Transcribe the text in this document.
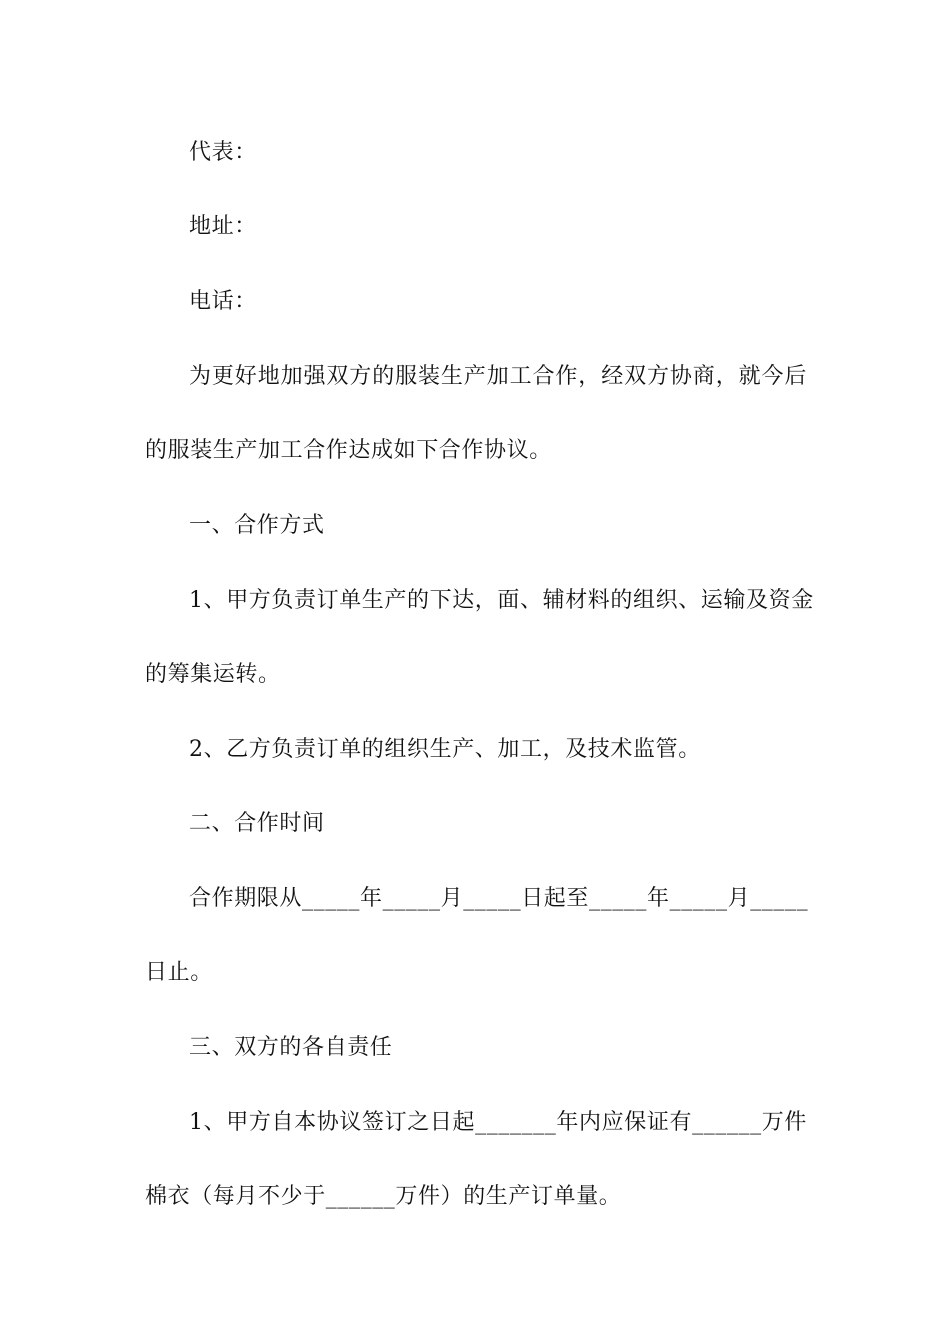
代表：
地址：
电话：
为更好地加强双方的服装生产加工合作，经双方协商，就今后
的服装生产加工合作达成如下合作协议。
一、合作方式
1、甲方负责订单生产的下达，面、辅材料的组织、运输及资金
的筹集运转。
2、乙方负责订单的组织生产、加工，及技术监管。
二、合作时间
合作期限从_____年_____月_____日起至_____年_____月_____
日止。
三、双方的各自责任
1、甲方自本协议签订之日起_______年内应保证有______万件
棉衣（每月不少于______万件）的生产订单量。
